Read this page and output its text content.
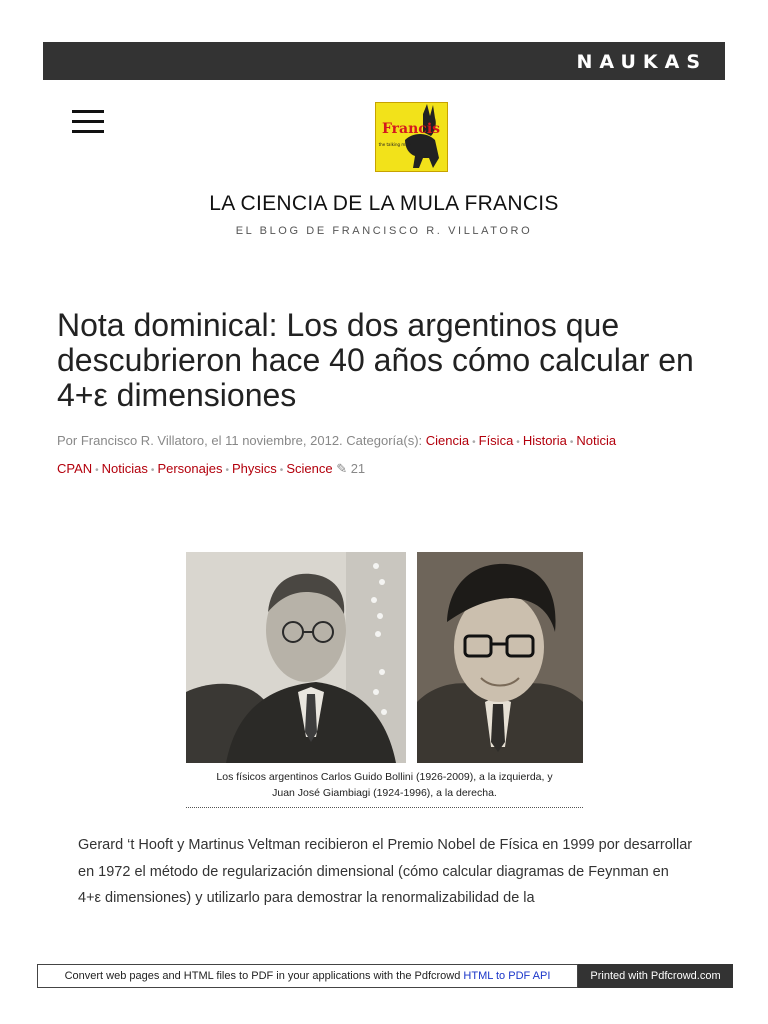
NAUKAS
Francis
the talking mule
LA CIENCIA DE LA MULA FRANCIS
EL BLOG DE FRANCISCO R. VILLATORO
Nota dominical: Los dos argentinos que descubrieron hace 40 años cómo calcular en 4+ε dimensiones
Por Francisco R. Villatoro, el 11 noviembre, 2012. Categoría(s): Ciencia • Física • Historia • Noticia CPAN • Noticias • Personajes • Physics • Science ✎ 21
Los físicos argentinos Carlos Guido Bollini (1926-2009), a la izquierda, y
Juan José Giambiagi (1924-1996), a la derecha.

Gerard ‘t Hooft y Martinus Veltman recibieron el Premio Nobel de Física en 1999 por desarrollar en 1972 el método de regularización dimensional (cómo calcular diagramas de Feynman en 4+ε dimensiones) y utilizarlo para demostrar la renormalizabilidad de la

Convert web pages and HTML files to PDF in your applications with the Pdfcrowd HTML to PDF API	Printed with Pdfcrowd.com
